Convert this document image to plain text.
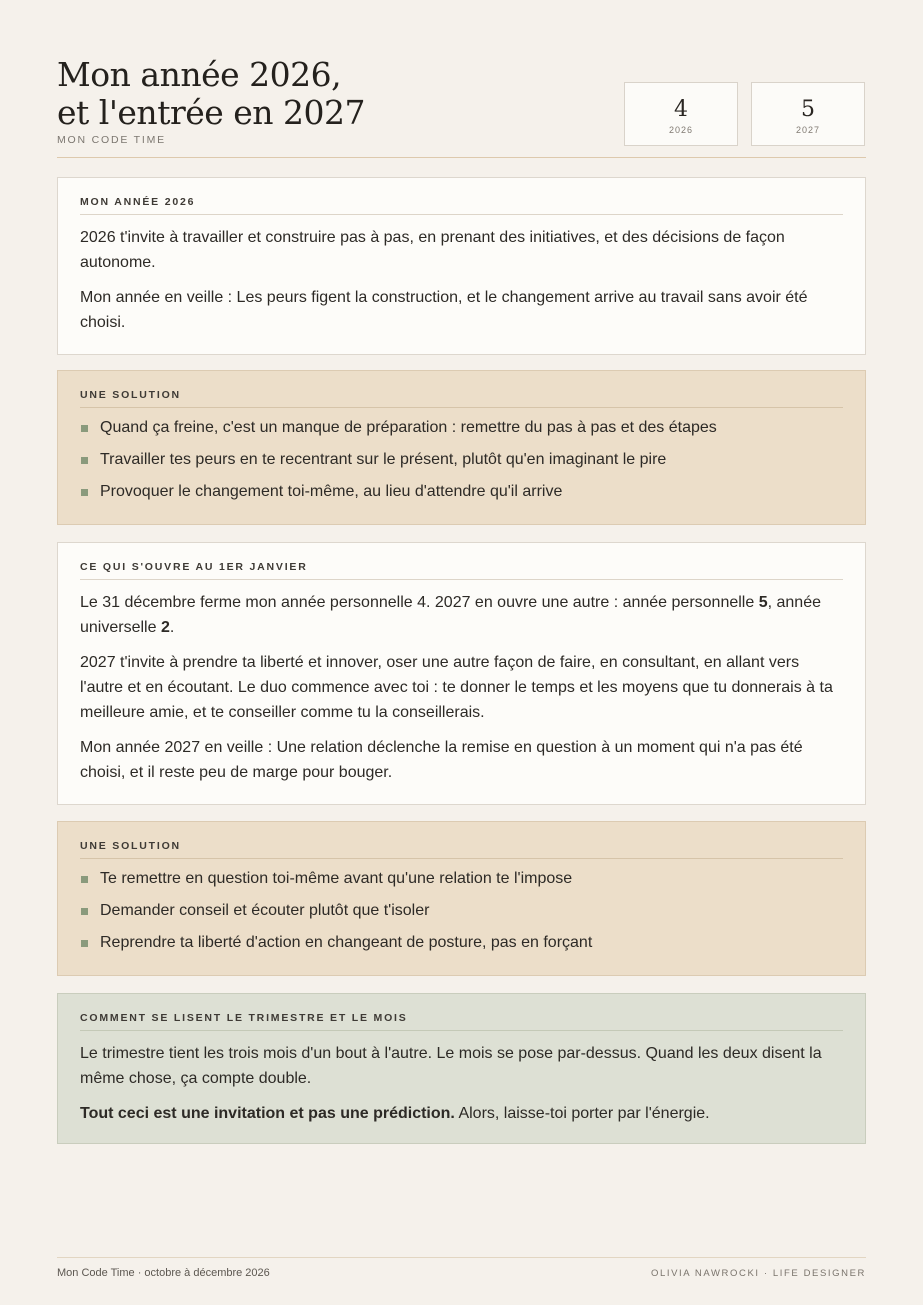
Mon année 2026,
et l'entrée en 2027
MON CODE TIME
4
2026
5
2027
MON ANNÉE 2026

2026 t'invite à travailler et construire pas à pas, en prenant des initiatives, et des décisions de façon autonome.

Mon année en veille : Les peurs figent la construction, et le changement arrive au travail sans avoir été choisi.

UNE SOLUTION
Quand ça freine, c'est un manque de préparation : remettre du pas à pas et des étapes
Travailler tes peurs en te recentrant sur le présent, plutôt qu'en imaginant le pire
Provoquer le changement toi-même, au lieu d'attendre qu'il arrive
CE QUI S'OUVRE AU 1ER JANVIER

Le 31 décembre ferme mon année personnelle 4. 2027 en ouvre une autre : année personnelle 5, année universelle 2.

2027 t'invite à prendre ta liberté et innover, oser une autre façon de faire, en consultant, en allant vers l'autre et en écoutant. Le duo commence avec toi : te donner le temps et les moyens que tu donnerais à ta meilleure amie, et te conseiller comme tu la conseillerais.

Mon année 2027 en veille : Une relation déclenche la remise en question à un moment qui n'a pas été choisi, et il reste peu de marge pour bouger.

UNE SOLUTION
Te remettre en question toi-même avant qu'une relation te l'impose
Demander conseil et écouter plutôt que t'isoler
Reprendre ta liberté d'action en changeant de posture, pas en forçant
COMMENT SE LISENT LE TRIMESTRE ET LE MOIS

Le trimestre tient les trois mois d'un bout à l'autre. Le mois se pose par-dessus. Quand les deux disent la même chose, ça compte double.

Tout ceci est une invitation et pas une prédiction. Alors, laisse-toi porter par l'énergie.

Mon Code Time · octobre à décembre 2026	OLIVIA NAWROCKI · LIFE DESIGNER
